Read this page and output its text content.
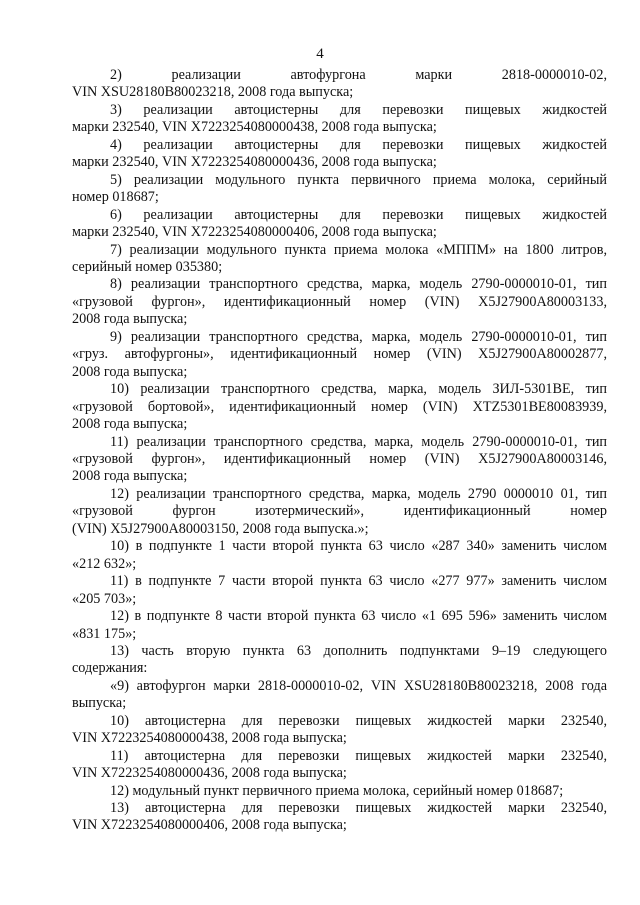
4
2) реализации автофургона марки 2818-0000010-02,
VIN XSU28180B80023218, 2008 года выпуска;
3) реализации автоцистерны для перевозки пищевых жидкостей
марки 232540, VIN X7223254080000438, 2008 года выпуска;
4) реализации автоцистерны для перевозки пищевых жидкостей
марки 232540, VIN X7223254080000436, 2008 года выпуска;
5) реализации модульного пункта первичного приема молока, серийный
номер 018687;
6) реализации автоцистерны для перевозки пищевых жидкостей
марки 232540, VIN X7223254080000406, 2008 года выпуска;
7) реализации модульного пункта приема молока «МППМ» на 1800 литров,
серийный номер 035380;
8) реализации транспортного средства, марка, модель 2790-0000010-01, тип
«грузовой фургон», идентификационный номер (VIN) X5J27900A80003133,
2008 года выпуска;
9) реализации транспортного средства, марка, модель 2790-0000010-01, тип
«груз. автофургоны», идентификационный номер (VIN) X5J27900A80002877,
2008 года выпуска;
10) реализации транспортного средства, марка, модель ЗИЛ-5301ВЕ, тип
«грузовой бортовой», идентификационный номер (VIN) XTZ5301BE80083939,
2008 года выпуска;
11) реализации транспортного средства, марка, модель 2790-0000010-01, тип
«грузовой фургон», идентификационный номер (VIN) X5J27900A80003146,
2008 года выпуска;
12) реализации транспортного средства, марка, модель 2790 0000010 01, тип
«грузовой фургон изотермический», идентификационный номер
(VIN) X5J27900A80003150, 2008 года выпуска.»;
10) в подпункте 1 части второй пункта 63 число «287 340» заменить числом
«212 632»;
11) в подпункте 7 части второй пункта 63 число «277 977» заменить числом
«205 703»;
12) в подпункте 8 части второй пункта 63 число «1 695 596» заменить числом
«831 175»;
13) часть вторую пункта 63 дополнить подпунктами 9–19 следующего
содержания:
«9) автофургон марки 2818-0000010-02, VIN XSU28180B80023218, 2008 года
выпуска;
10) автоцистерна для перевозки пищевых жидкостей марки 232540,
VIN X7223254080000438, 2008 года выпуска;
11) автоцистерна для перевозки пищевых жидкостей марки 232540,
VIN X7223254080000436, 2008 года выпуска;
12) модульный пункт первичного приема молока, серийный номер 018687;
13) автоцистерна для перевозки пищевых жидкостей марки 232540,
VIN X7223254080000406, 2008 года выпуска;
